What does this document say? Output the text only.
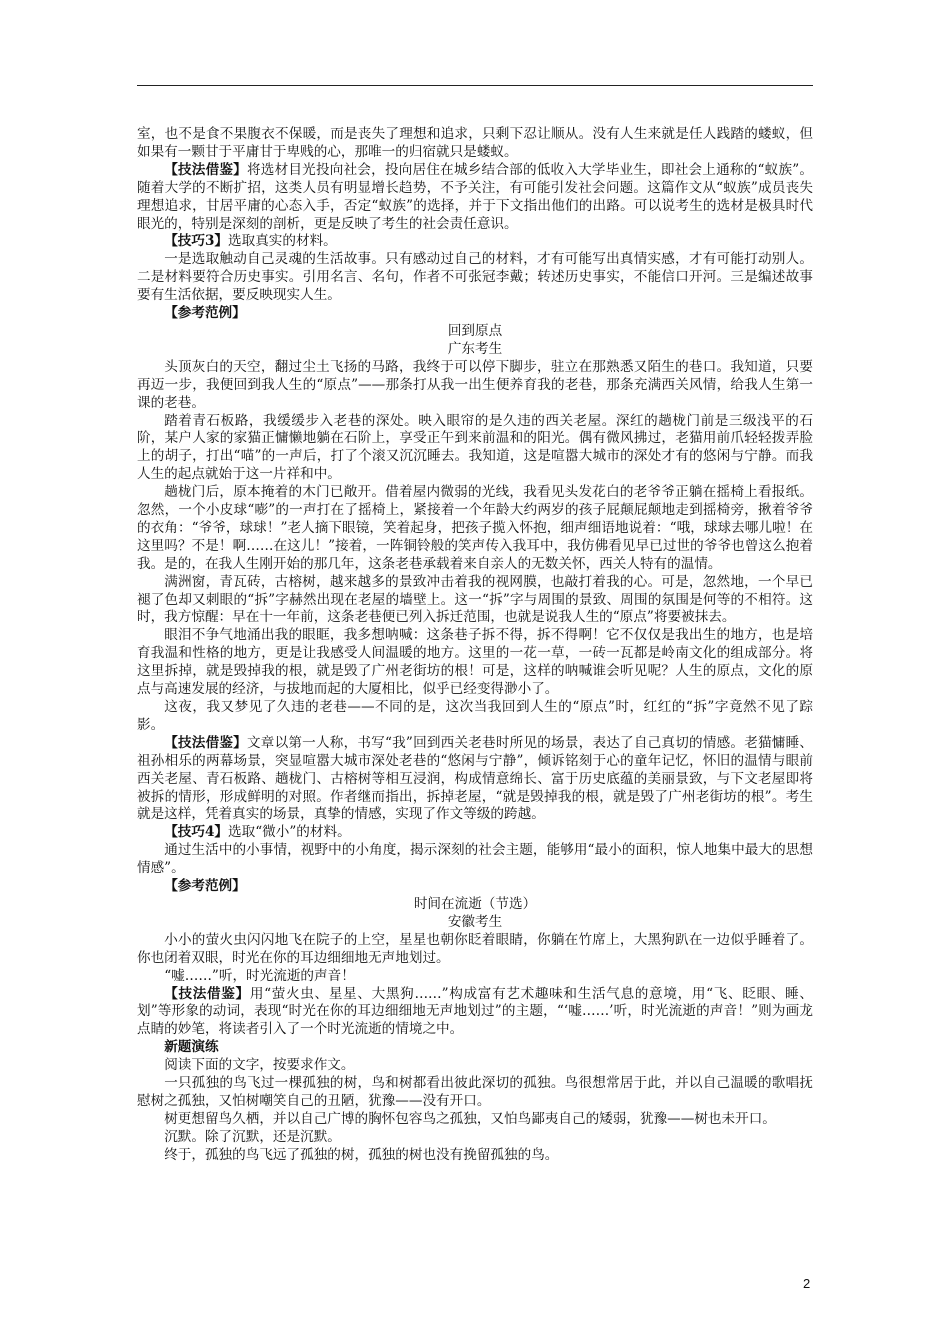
室，也不是食不果腹衣不保暖，而是丧失了理想和追求，只剩下忍让顺从。没有人生来就是任人践踏的蝼蚁，但如果有一颗甘于平庸甘于卑贱的心，那唯一的归宿就只是蝼蚁。

【技法借鉴】将选材目光投向社会，投向居住在城乡结合部的低收入大学毕业生，即社会上通称的“蚁族”。随着大学的不断扩招，这类人员有明显增长趋势，不予关注，有可能引发社会问题。这篇作文从“蚁族”成员丧失理想追求，甘居平庸的心态入手，否定“蚁族”的选择，并于下文指出他们的出路。可以说考生的选材是极具时代眼光的，特别是深刻的剖析，更是反映了考生的社会责任意识。

【技巧3】选取真实的材料。

一是选取触动自己灵魂的生活故事。只有感动过自己的材料，才有可能写出真情实感，才有可能打动别人。二是材料要符合历史事实。引用名言、名句，作者不可张冠李戴；转述历史事实，不能信口开河。三是编述故事要有生活依据，要反映现实人生。

【参考范例】

回到原点

广东考生

头顶灰白的天空，翻过尘土飞扬的马路，我终于可以停下脚步，驻立在那熟悉又陌生的巷口。我知道，只要再迈一步，我便回到我人生的“原点”——那条打从我一出生便养育我的老巷，那条充满西关风情，给我人生第一课的老巷。

踏着青石板路，我缓缓步入老巷的深处。映入眼帘的是久违的西关老屋。深红的趟栊门前是三级浅平的石阶，某户人家的家猫正慵懒地躺在石阶上，享受正午到来前温和的阳光。偶有微风拂过，老猫用前爪轻轻拨弄脸上的胡子，打出“喵”的一声后，打了个滚又沉沉睡去。我知道，这是喧嚣大城市的深处才有的悠闲与宁静。而我人生的起点就始于这一片祥和中。

趟栊门后，原本掩着的木门已敞开。借着屋内微弱的光线，我看见头发花白的老爷爷正躺在摇椅上看报纸。忽然，一个小皮球“嘭”的一声打在了摇椅上，紧接着一个年龄大约两岁的孩子屁颠屁颠地走到摇椅旁，揪着爷爷的衣角：“爷爷，球球！”老人摘下眼镜，笑着起身，把孩子揽入怀抱，细声细语地说着：“哦，球球去哪儿啦！在这里吗？不是！啊……在这儿！”接着，一阵铜铃般的笑声传入我耳中，我仿佛看见早已过世的爷爷也曾这么抱着我。是的，在我人生刚开始的那几年，这条老巷承载着来自亲人的无数关怀，西关人特有的温情。

满洲窗，青瓦砖，古榕树，越来越多的景致冲击着我的视网膜，也敲打着我的心。可是，忽然地，一个早已褪了色却又刺眼的“拆”字赫然出现在老屋的墙壁上。这一“拆”字与周围的景致、周围的氛围是何等的不相符。这时，我方惊醒：早在十一年前，这条老巷便已列入拆迁范围，也就是说我人生的“原点”将要被抹去。

眼泪不争气地涌出我的眼眶，我多想呐喊：这条巷子拆不得，拆不得啊！它不仅仅是我出生的地方，也是培育我温和性格的地方，更是让我感受人间温暖的地方。这里的一花一草，一砖一瓦都是岭南文化的组成部分。将这里拆掉，就是毁掉我的根，就是毁了广州老街坊的根！可是，这样的呐喊谁会听见呢？人生的原点，文化的原点与高速发展的经济，与拔地而起的大厦相比，似乎已经变得渺小了。

这夜，我又梦见了久违的老巷——不同的是，这次当我回到人生的“原点”时，红红的“拆”字竟然不见了踪影。

【技法借鉴】文章以第一人称，书写“我”回到西关老巷时所见的场景，表达了自己真切的情感。老猫慵睡、祖孙相乐的两幕场景，突显喧嚣大城市深处老巷的“悠闲与宁静”，倾诉铭刻于心的童年记忆，怀旧的温情与眼前西关老屋、青石板路、趟栊门、古榕树等相互浸润，构成情意绵长、富于历史底蕴的美丽景致，与下文老屋即将被拆的情形，形成鲜明的对照。作者继而指出，拆掉老屋，“就是毁掉我的根，就是毁了广州老街坊的根”。考生就是这样，凭着真实的场景，真挚的情感，实现了作文等级的跨越。

【技巧4】选取“微小”的材料。

通过生活中的小事情，视野中的小角度，揭示深刻的社会主题，能够用“最小的面积，惊人地集中最大的思想情感”。

【参考范例】

时间在流逝（节选）

安徽考生

小小的萤火虫闪闪地飞在院子的上空，星星也朝你眨着眼睛，你躺在竹席上，大黑狗趴在一边似乎睡着了。你也闭着双眼，时光在你的耳边细细地无声地划过。

“嘘……”听，时光流逝的声音！

【技法借鉴】用“萤火虫、星星、大黑狗……”构成富有艺术趣味和生活气息的意境，用“飞、眨眼、睡、划”等形象的动词，表现“时光在你的耳边细细地无声地划过”的主题，“‘嘘……’听，时光流逝的声音！”则为画龙点睛的妙笔，将读者引入了一个时光流逝的情境之中。

新题演练

阅读下面的文字，按要求作文。

一只孤独的鸟飞过一棵孤独的树，鸟和树都看出彼此深切的孤独。鸟很想常居于此，并以自己温暖的歌唱抚慰树之孤独，又怕树嘲笑自己的丑陋，犹豫——没有开口。

树更想留鸟久栖，并以自己广博的胸怀包容鸟之孤独，又怕鸟鄙夷自己的矮弱，犹豫——树也未开口。

沉默。除了沉默，还是沉默。

终于，孤独的鸟飞远了孤独的树，孤独的树也没有挽留孤独的鸟。

2
